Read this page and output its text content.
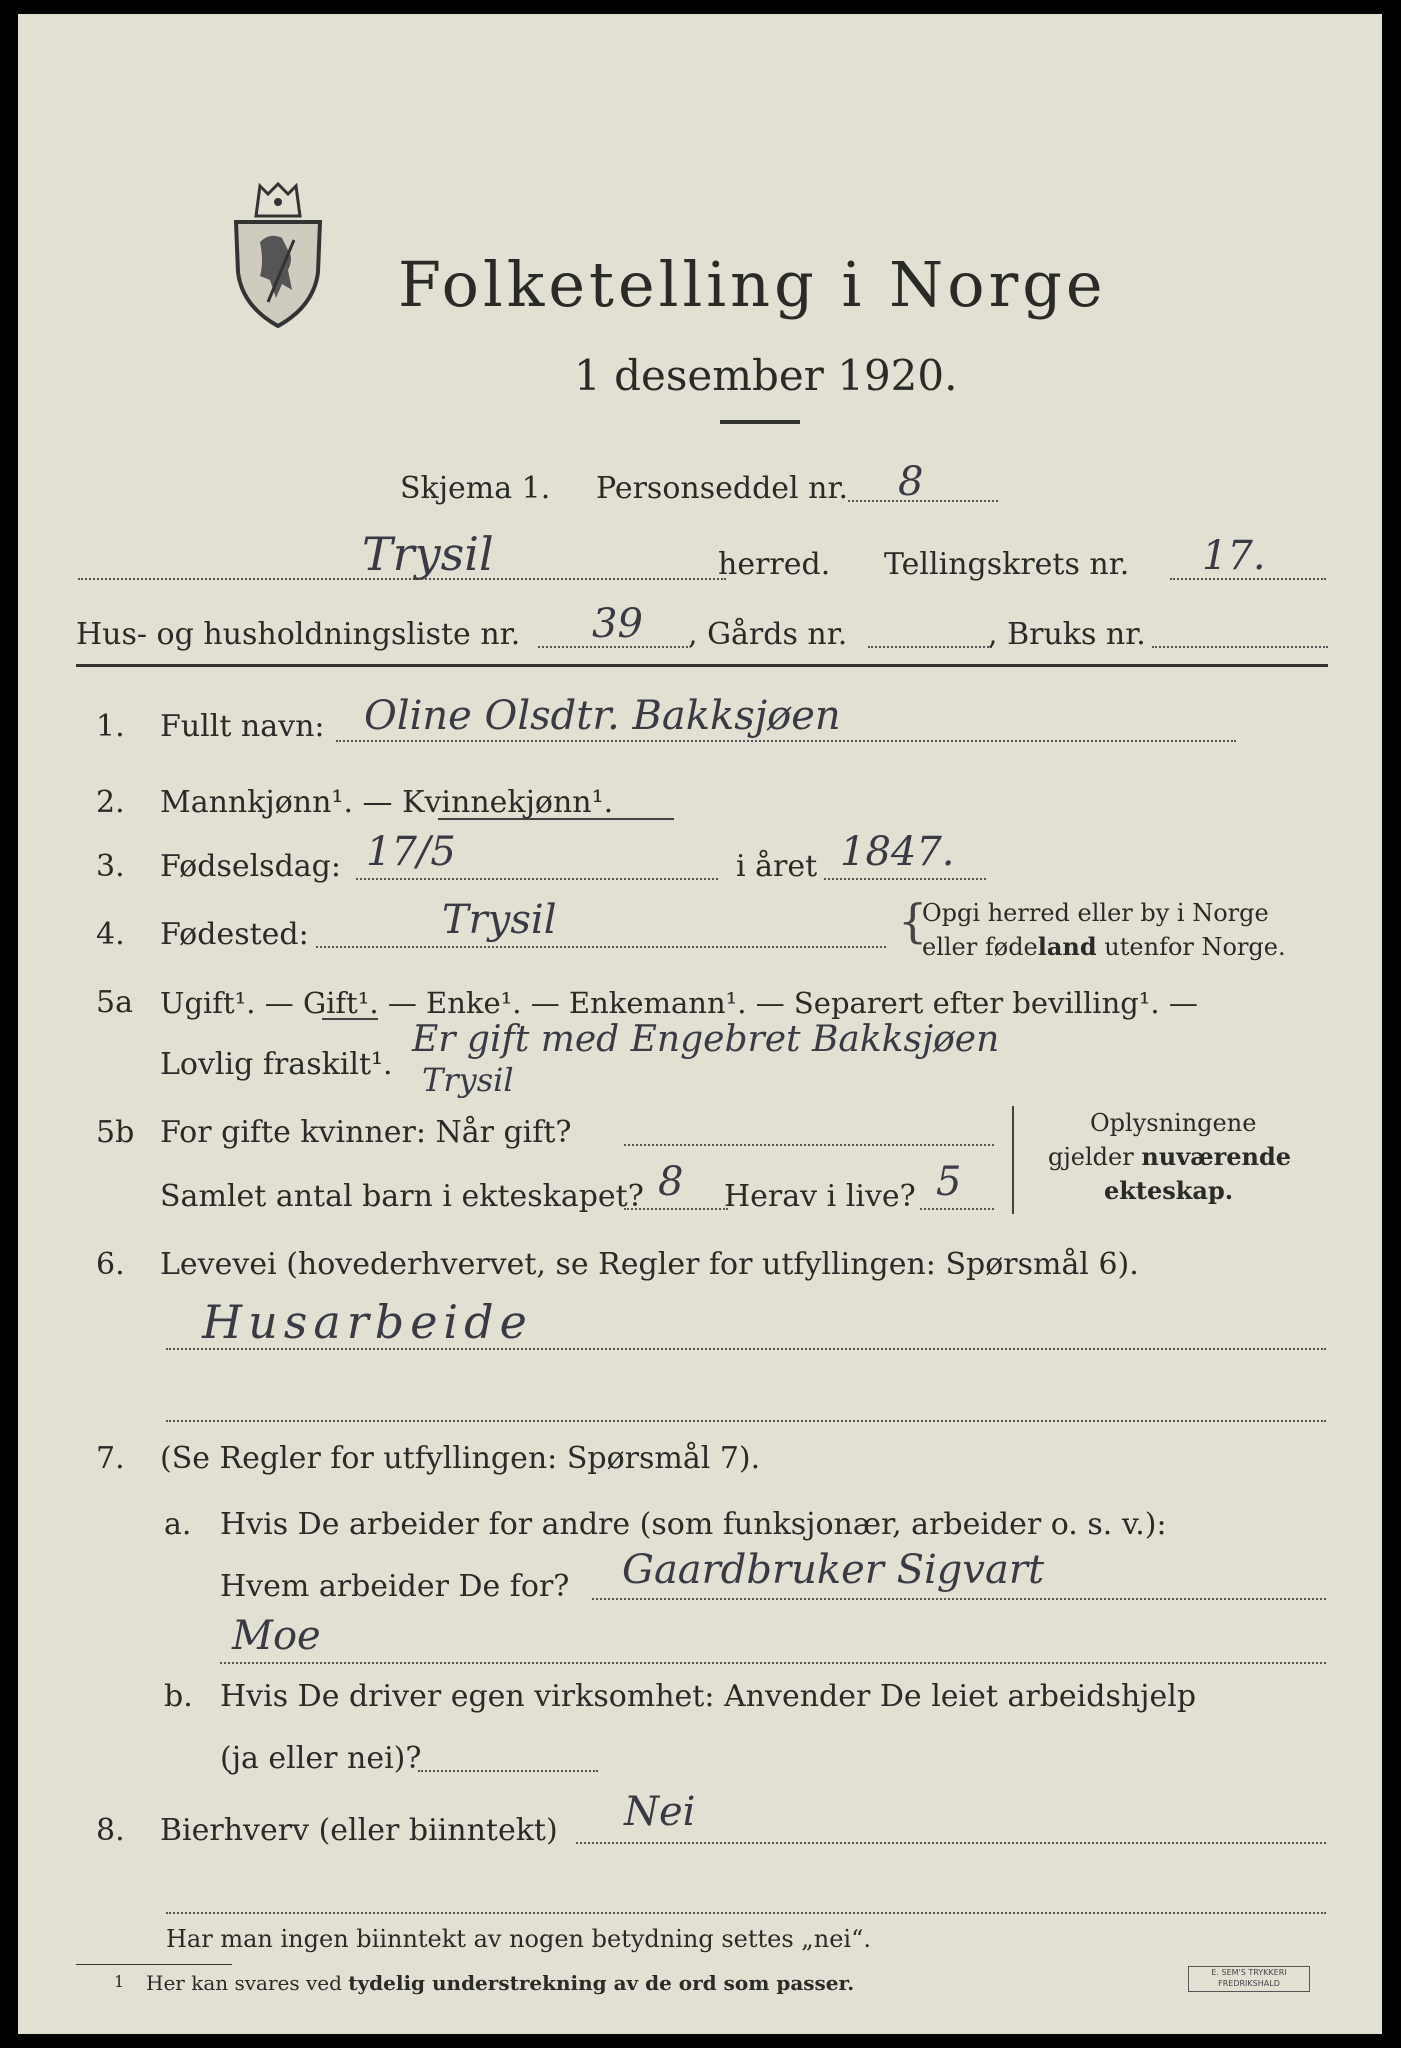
Folketelling i Norge
1 desember 1920.
Skjema 1. Personseddel nr. 8
Trysil	herred. Tellingskrets nr. 17.
Hus- og husholdningsliste nr. 39 , Gårds nr.	, Bruks nr.
1. Fullt navn: Oline Olsdtr. Bakksjøen
2. Mannkjønn¹. — Kvinnekjønn¹.
3. Fødselsdag: 17/5	i året 1847.
4. Fødested:	Trysil	{
Opgi herred eller by i Norge
eller fødeland utenfor Norge.
5a Ugift¹. — Gift¹. — Enke¹. — Enkemann¹. — Separert efter bevilling¹. —
Lovlig fraskilt¹.
Er gift med Engebret Bakksjøen
Trysil
5b For gifte kvinner: Når gift?
Samlet antal barn i ekteskapet? 8 Herav i live? 5
Oplysningene
gjelder nuværende
ekteskap.
6. Levevei (hovederhvervet, se Regler for utfyllingen: Spørsmål 6).
Husarbeide
7. (Se Regler for utfyllingen: Spørsmål 7).
a. Hvis De arbeider for andre (som funksjonær, arbeider o. s. v.):
Hvem arbeider De for? Gaardbruker Sigvart
Moe
b. Hvis De driver egen virksomhet: Anvender De leiet arbeidshjelp
(ja eller nei)?
8. Bierhverv (eller biinntekt) Nei
Har man ingen biinntekt av nogen betydning settes „nei“.
1 Her kan svares ved tydelig understrekning av de ord som passer.	E. SEM'S TRYKKERI FREDRIKSHALD
